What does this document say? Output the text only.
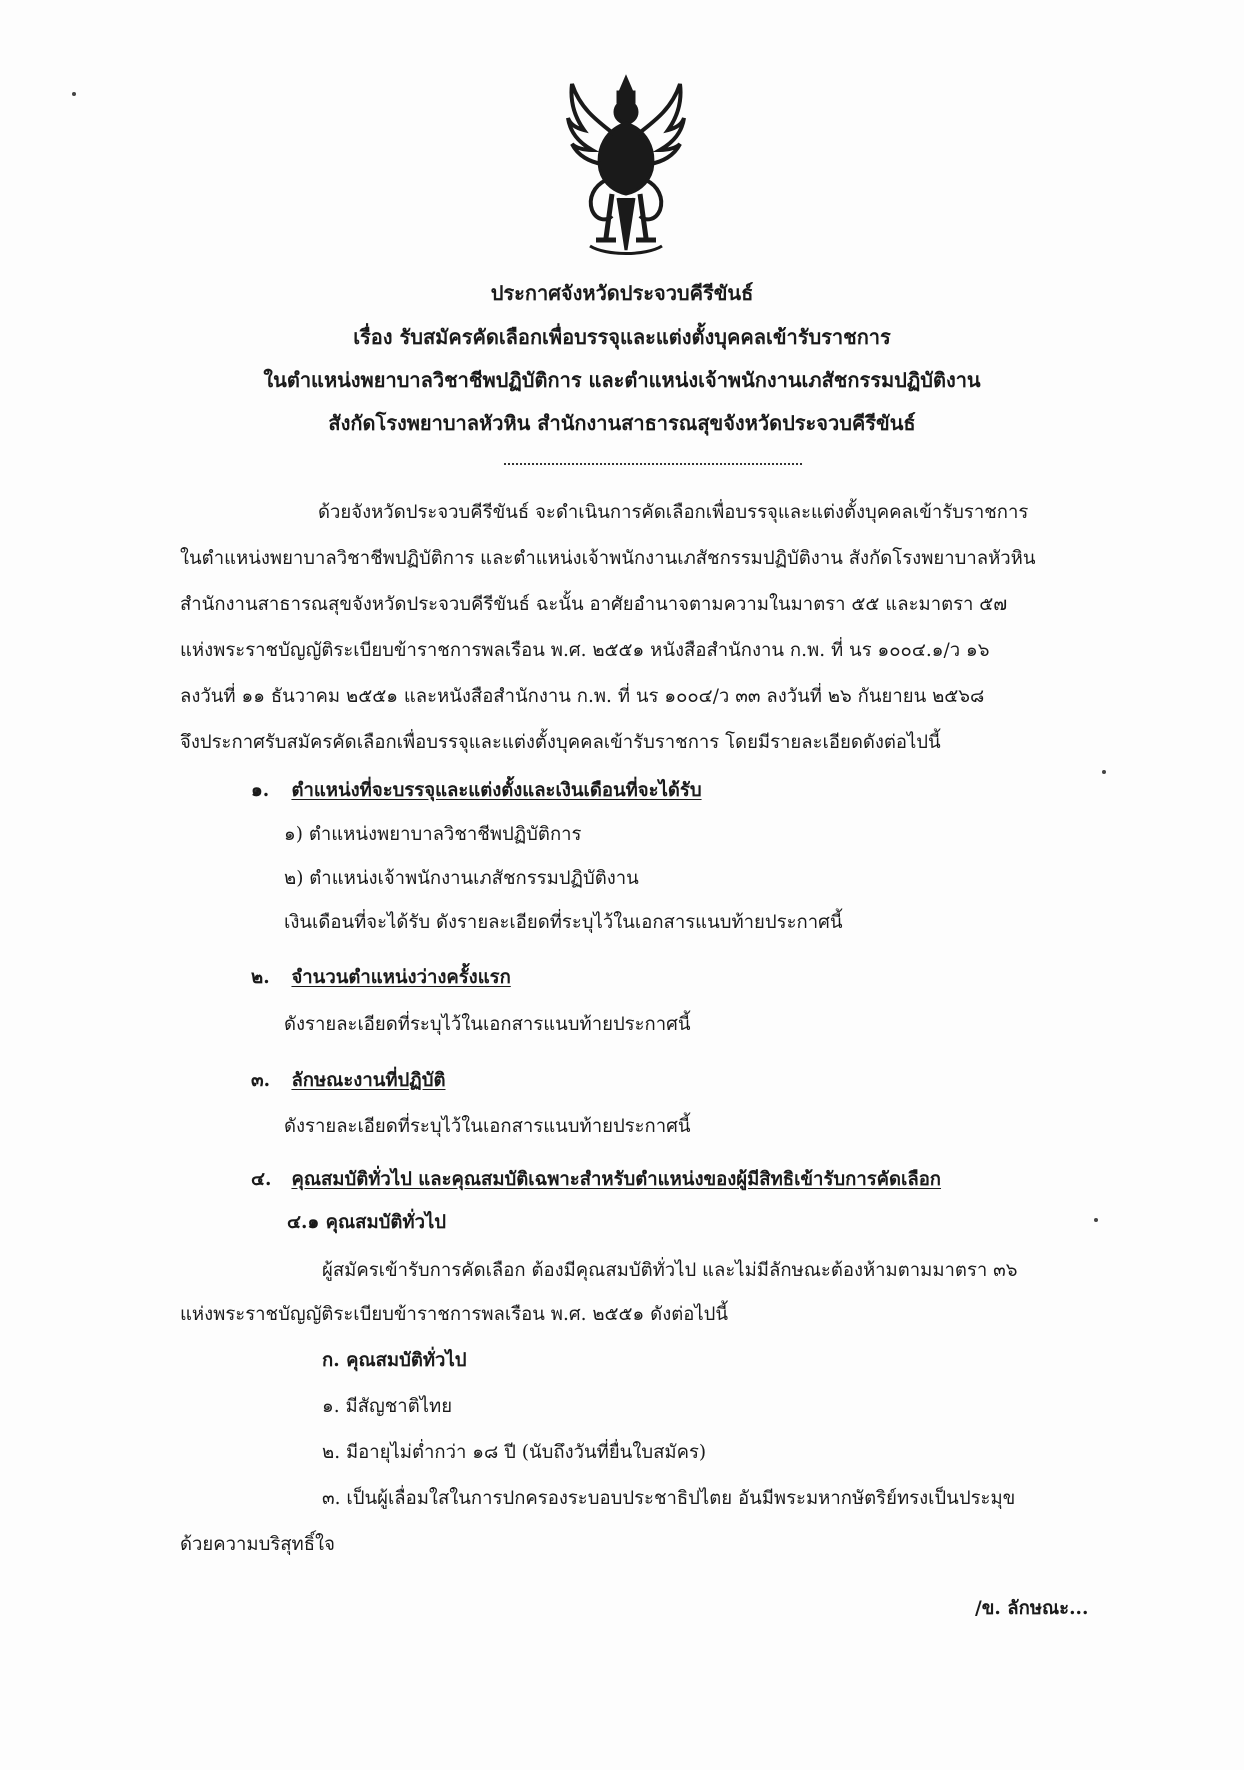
ประกาศจังหวัดประจวบคีรีขันธ์
เรื่อง รับสมัครคัดเลือกเพื่อบรรจุและแต่งตั้งบุคคลเข้ารับราชการ
ในตำแหน่งพยาบาลวิชาชีพปฏิบัติการ และตำแหน่งเจ้าพนักงานเภสัชกรรมปฏิบัติงาน
สังกัดโรงพยาบาลหัวหิน สำนักงานสาธารณสุขจังหวัดประจวบคีรีขันธ์
ด้วยจังหวัดประจวบคีรีขันธ์ จะดำเนินการคัดเลือกเพื่อบรรจุและแต่งตั้งบุคคลเข้ารับราชการ
ในตำแหน่งพยาบาลวิชาชีพปฏิบัติการ และตำแหน่งเจ้าพนักงานเภสัชกรรมปฏิบัติงาน สังกัดโรงพยาบาลหัวหิน
สำนักงานสาธารณสุขจังหวัดประจวบคีรีขันธ์ ฉะนั้น อาศัยอำนาจตามความในมาตรา ๕๕ และมาตรา ๕๗
แห่งพระราชบัญญัติระเบียบข้าราชการพลเรือน พ.ศ. ๒๕๕๑ หนังสือสำนักงาน ก.พ. ที่ นร ๑๐๐๔.๑/ว ๑๖
ลงวันที่ ๑๑ ธันวาคม ๒๕๕๑ และหนังสือสำนักงาน ก.พ. ที่ นร ๑๐๐๔/ว ๓๓ ลงวันที่ ๒๖ กันยายน ๒๕๖๘
จึงประกาศรับสมัครคัดเลือกเพื่อบรรจุและแต่งตั้งบุคคลเข้ารับราชการ โดยมีรายละเอียดดังต่อไปนี้
๑. ตำแหน่งที่จะบรรจุและแต่งตั้งและเงินเดือนที่จะได้รับ
๑) ตำแหน่งพยาบาลวิชาชีพปฏิบัติการ
๒) ตำแหน่งเจ้าพนักงานเภสัชกรรมปฏิบัติงาน
เงินเดือนที่จะได้รับ ดังรายละเอียดที่ระบุไว้ในเอกสารแนบท้ายประกาศนี้
๒. จำนวนตำแหน่งว่างครั้งแรก
ดังรายละเอียดที่ระบุไว้ในเอกสารแนบท้ายประกาศนี้
๓. ลักษณะงานที่ปฏิบัติ
ดังรายละเอียดที่ระบุไว้ในเอกสารแนบท้ายประกาศนี้
๔. คุณสมบัติทั่วไป และคุณสมบัติเฉพาะสำหรับตำแหน่งของผู้มีสิทธิเข้ารับการคัดเลือก
๔.๑ คุณสมบัติทั่วไป
ผู้สมัครเข้ารับการคัดเลือก ต้องมีคุณสมบัติทั่วไป และไม่มีลักษณะต้องห้ามตามมาตรา ๓๖
แห่งพระราชบัญญัติระเบียบข้าราชการพลเรือน พ.ศ. ๒๕๕๑ ดังต่อไปนี้
ก. คุณสมบัติทั่วไป
๑. มีสัญชาติไทย
๒. มีอายุไม่ต่ำกว่า ๑๘ ปี (นับถึงวันที่ยื่นใบสมัคร)
๓. เป็นผู้เลื่อมใสในการปกครองระบอบประชาธิปไตย อันมีพระมหากษัตริย์ทรงเป็นประมุข
ด้วยความบริสุทธิ์ใจ
/ข. ลักษณะ...
